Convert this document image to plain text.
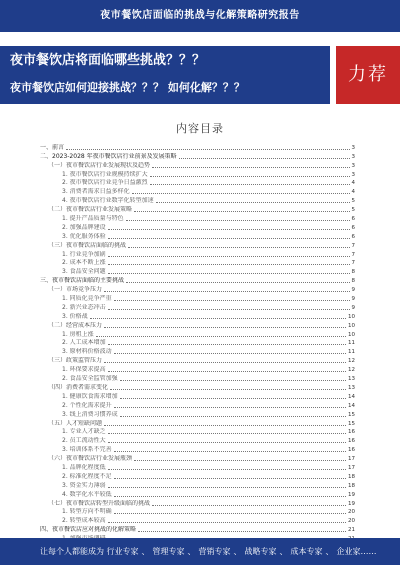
夜市餐饮店面临的挑战与化解策略研究报告
夜市餐饮店将面临哪些挑战？？？
夜市餐饮店如何迎接挑战？？？ 如何化解？？？
力荐
内容目录
一、前言	3
二、2023-2028 年夜市餐饮店行业前景及发展策略	3
（一）夜市餐饮店行业发展现状及趋势	3
1. 夜市餐饮店行业规模持续扩大	3
2. 夜市餐饮店行业竞争日益激烈	4
3. 消费者需求日益多样化	4
4. 夜市餐饮店行业数字化转型加速	5
（二）夜市餐饮店行业发展策略	5
1. 提升产品质量与特色	6
2. 加强品牌建设	6
3. 优化服务体验	6
（三）夜市餐饮店面临的挑战	7
1. 行业竞争加剧	7
2. 成本不断上涨	7
3. 食品安全问题	8
三、夜市餐饮店面临的主要挑战	8
（一）市场竞争压力	9
1. 同质化竞争严重	9
2. 新兴业态冲击	9
3. 价格战	10
（二）经营成本压力	10
1. 房租上涨	10
2. 人工成本增加	11
3. 原材料价格波动	11
（三）政策监管压力	12
1. 环保要求提高	12
2. 食品安全监管加强	13
（四）消费者需求变化	13
1. 健康饮食需求增加	14
2. 个性化需求提升	14
3. 线上消费习惯养成	15
（五）人才短缺问题	15
1. 专业人才缺乏	16
2. 员工流动性大	16
3. 培训体系不完善	16
（六）夜市餐饮店行业发展瓶颈	17
1. 品牌化程度低	17
2. 标准化程度不足	18
3. 资金实力薄弱	18
4. 数字化水平较低	19
（七）夜市餐饮店转型升级面临的挑战	19
1. 转型方向不明确	20
2. 转型成本较高	20
四、夜市餐饮店应对挑战的化解策略	21
让每个人都能成为 行业专家 、 管理专家 、 营销专家 、 战略专家 、 成本专家 、 企业家……
